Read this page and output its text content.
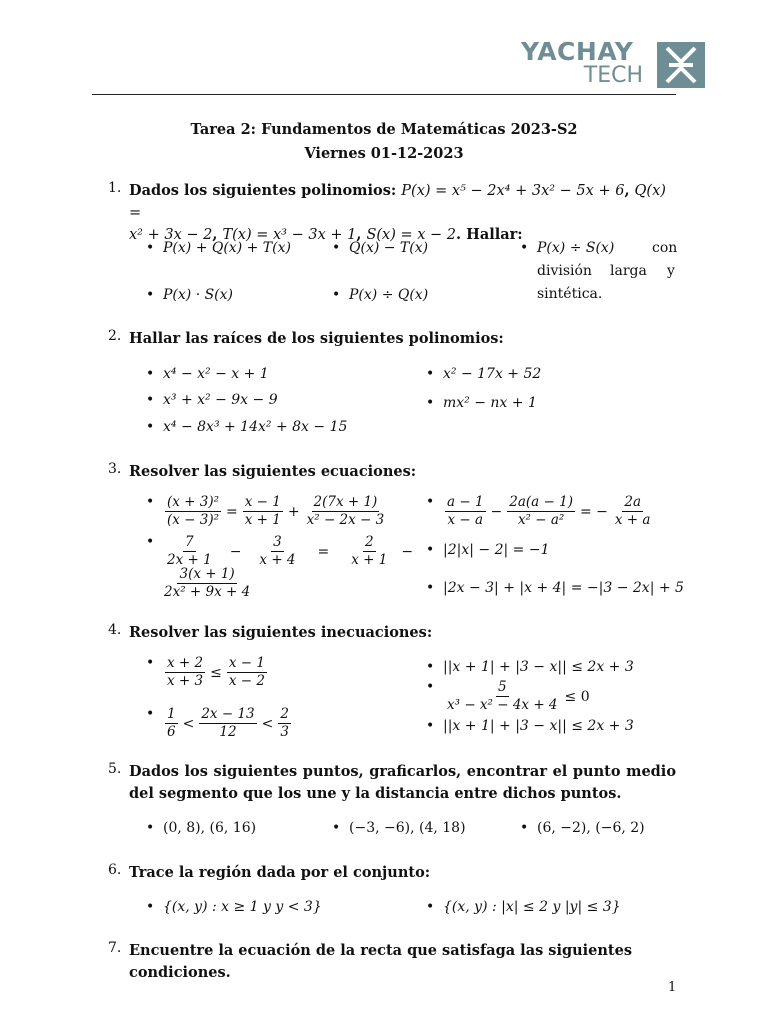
YACHAY
TECH
Tarea 2: Fundamentos de Matemáticas 2023-S2
Viernes 01-12-2023
1. Dados los siguientes polinomios: P(x) = x⁵ − 2x⁴ + 3x² − 5x + 6, Q(x) =
x² + 3x − 2, T(x) = x³ − 3x + 1, S(x) = x − 2. Hallar:
• P(x) + Q(x) + T(x)	• Q(x) − T(x)	• P(x) ÷ S(x)	con
división larga y
sintética.
• P(x) · S(x)	• P(x) ÷ Q(x)
2. Hallar las raíces de los siguientes polinomios:
• x⁴ − x² − x + 1	• x² − 17x + 52
• x³ + x² − 9x − 9	• mx² − nx + 1
• x⁴ − 8x³ + 14x² + 8x − 15
3. Resolver las siguientes ecuaciones:
• $\frac{\text{(x + 3)²}}{\text{(x − 3)²}} = \frac{x - 1}{x + 1} + \frac{2(7x + 1)}{\text{x² − 2x − 3}}$	• $\frac{a - 1}{x - a} - \frac{2a(a - 1)}{\text{x² − a²}}$ = − $\frac{2a}{x + a}$
• $\frac{7}{2x + 1} - \frac{3}{x + 4} = \frac{2}{x + 1}$ −
$\frac{3(x + 1)}{\text{2x² + 9x + 4}}$
• |2|x| − 2| = −1
• |2x − 3| + |x + 4| = −|3 − 2x| + 5
4. Resolver las siguientes inecuaciones:
• $\frac{x + 2}{x + 3} \le \frac{x - 1}{x - 2}$	• ||x + 1| + |3 − x|| ≤ 2x + 3
• $\frac{5}{\text{x³ − x² − 4x + 4}} \le 0$
• $\frac{1}{6} < \frac{2x - 13}{12} < \frac{2}{3}$	• ||x + 1| + |3 − x|| ≤ 2x + 3
5. Dados los siguientes puntos, graficarlos, encontrar el punto medio del segmento que los une y la distancia entre dichos puntos.
• (0, 8), (6, 16)	• (−3, −6), (4, 18)	• (6, −2), (−6, 2)
6. Trace la región dada por el conjunto:
• {(x, y) : x ≥ 1 y y < 3}	• {(x, y) : |x| ≤ 2 y |y| ≤ 3}
7. Encuentre la ecuación de la recta que satisfaga las siguientes condiciones.
1
